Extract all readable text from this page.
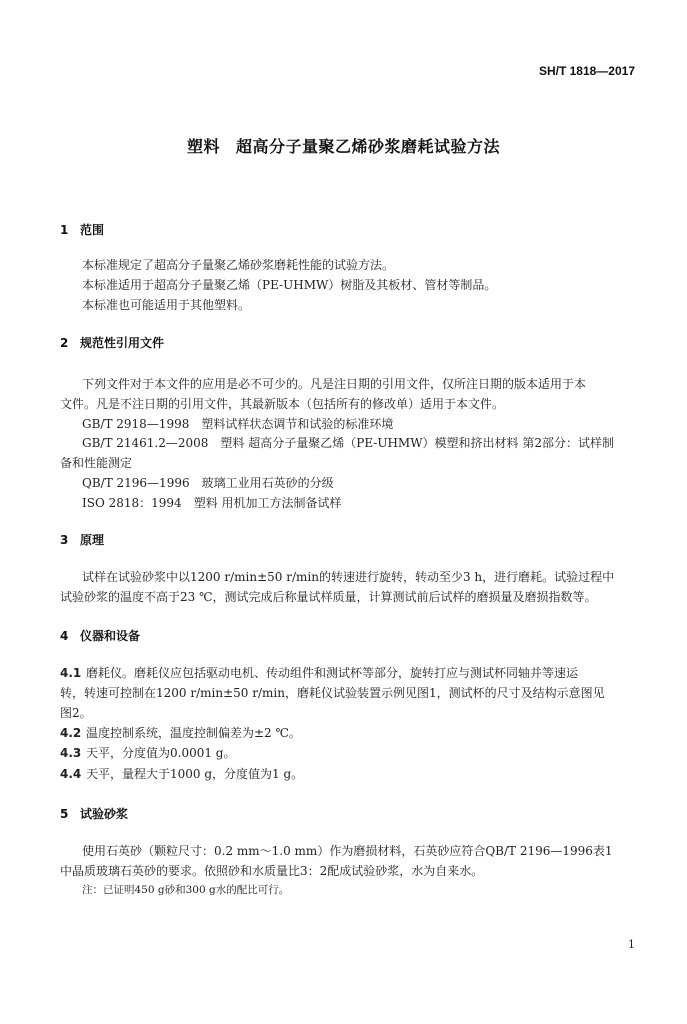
SH/T 1818—2017
塑料 超高分子量聚乙烯砂浆磨耗试验方法
1 范围
本标准规定了超高分子量聚乙烯砂浆磨耗性能的试验方法。
本标准适用于超高分子量聚乙烯（PE-UHMW）树脂及其板材、管材等制品。
本标准也可能适用于其他塑料。
2 规范性引用文件
下列文件对于本文件的应用是必不可少的。凡是注日期的引用文件，仅所注日期的版本适用于本
文件。凡是不注日期的引用文件，其最新版本（包括所有的修改单）适用于本文件。
GB/T 2918—1998　塑料试样状态调节和试验的标准环境
GB/T 21461.2—2008　塑料 超高分子量聚乙烯（PE-UHMW）模塑和挤出材料 第2部分：试样制
备和性能测定
QB/T 2196—1996　玻璃工业用石英砂的分级
ISO 2818：1994　塑料 用机加工方法制备试样
3 原理
试样在试验砂浆中以1200 r/min±50 r/min的转速进行旋转，转动至少3 h，进行磨耗。试验过程中
试验砂浆的温度不高于23 ℃，测试完成后称量试样质量，计算测试前后试样的磨损量及磨损指数等。
4 仪器和设备
4.1 磨耗仪。磨耗仪应包括驱动电机、传动组件和测试杯等部分，旋转打应与测试杯同轴并等速运
转，转速可控制在1200 r/min±50 r/min，磨耗仪试验装置示例见图1，测试杯的尺寸及结构示意图见
图2。
4.2 温度控制系统，温度控制偏差为±2 ℃。
4.3 天平，分度值为0.0001 g。
4.4 天平，量程大于1000 g，分度值为1 g。
5 试验砂浆
使用石英砂（颗粒尺寸：0.2 mm～1.0 mm）作为磨损材料，石英砂应符合QB/T 2196—1996表1
中晶质玻璃石英砂的要求。依照砂和水质量比3：2配成试验砂浆，水为自来水。
注：已证明450 g砂和300 g水的配比可行。
1
